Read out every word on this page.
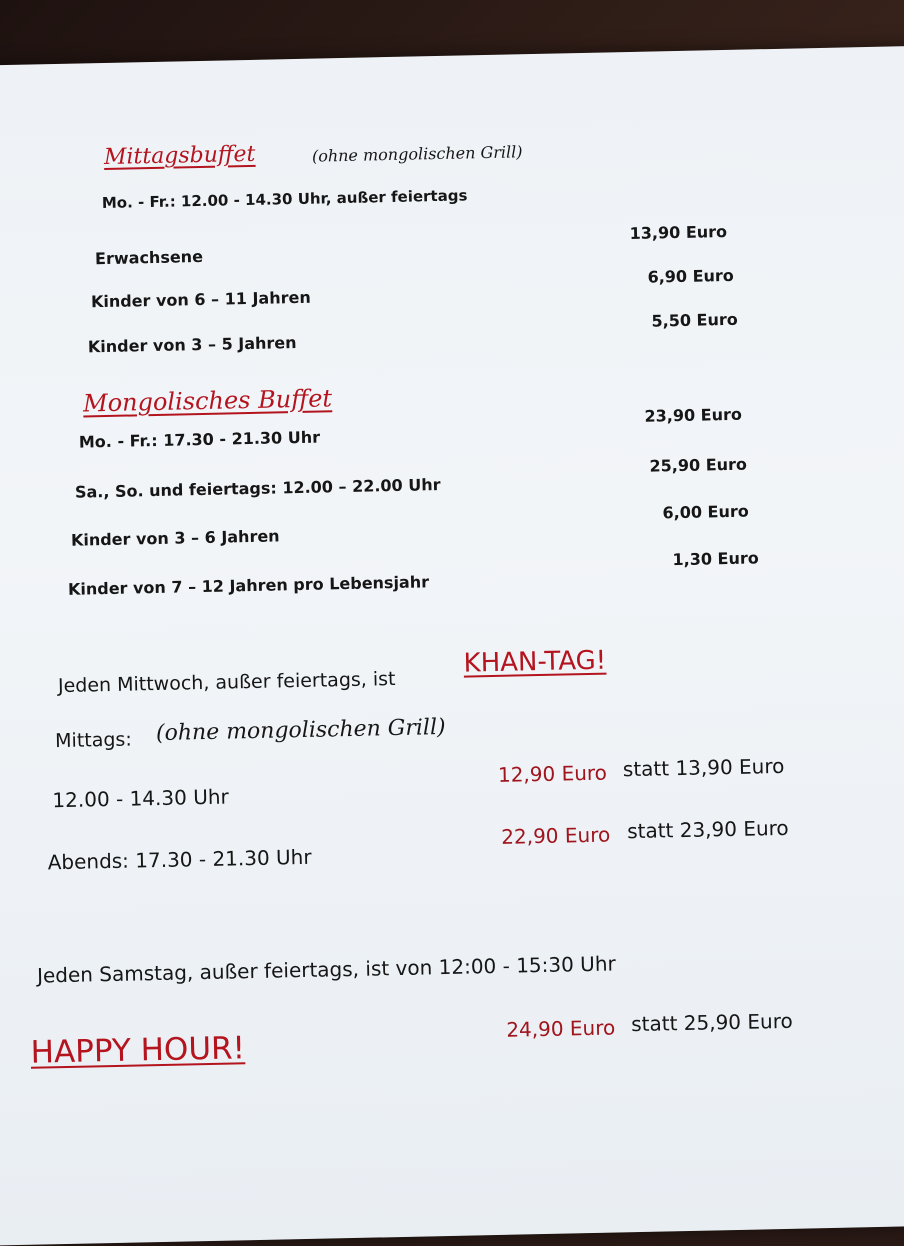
Mittagsbuffet	(ohne mongolischen Grill)
Mo. - Fr.: 12.00 - 14.30 Uhr, außer feiertags
Erwachsene
13,90 Euro
Kinder von 6 – 11 Jahren
6,90 Euro
Kinder von 3 – 5 Jahren
5,50 Euro
Mongolisches Buffet
Mo. - Fr.: 17.30 - 21.30 Uhr
23,90 Euro
Sa., So. und feiertags: 12.00 – 22.00 Uhr
25,90 Euro
Kinder von 3 – 6 Jahren
6,00 Euro
Kinder von 7 – 12 Jahren pro Lebensjahr
1,30 Euro
Jeden Mittwoch, außer feiertags, ist
KHAN-TAG!
Mittags: (ohne mongolischen Grill)
12.00 - 14.30 Uhr
12,90 Euro statt 13,90 Euro
Abends: 17.30 - 21.30 Uhr
22,90 Euro statt 23,90 Euro
Jeden Samstag, außer feiertags, ist von 12:00 - 15:30 Uhr
HAPPY HOUR!
24,90 Euro statt 25,90 Euro
